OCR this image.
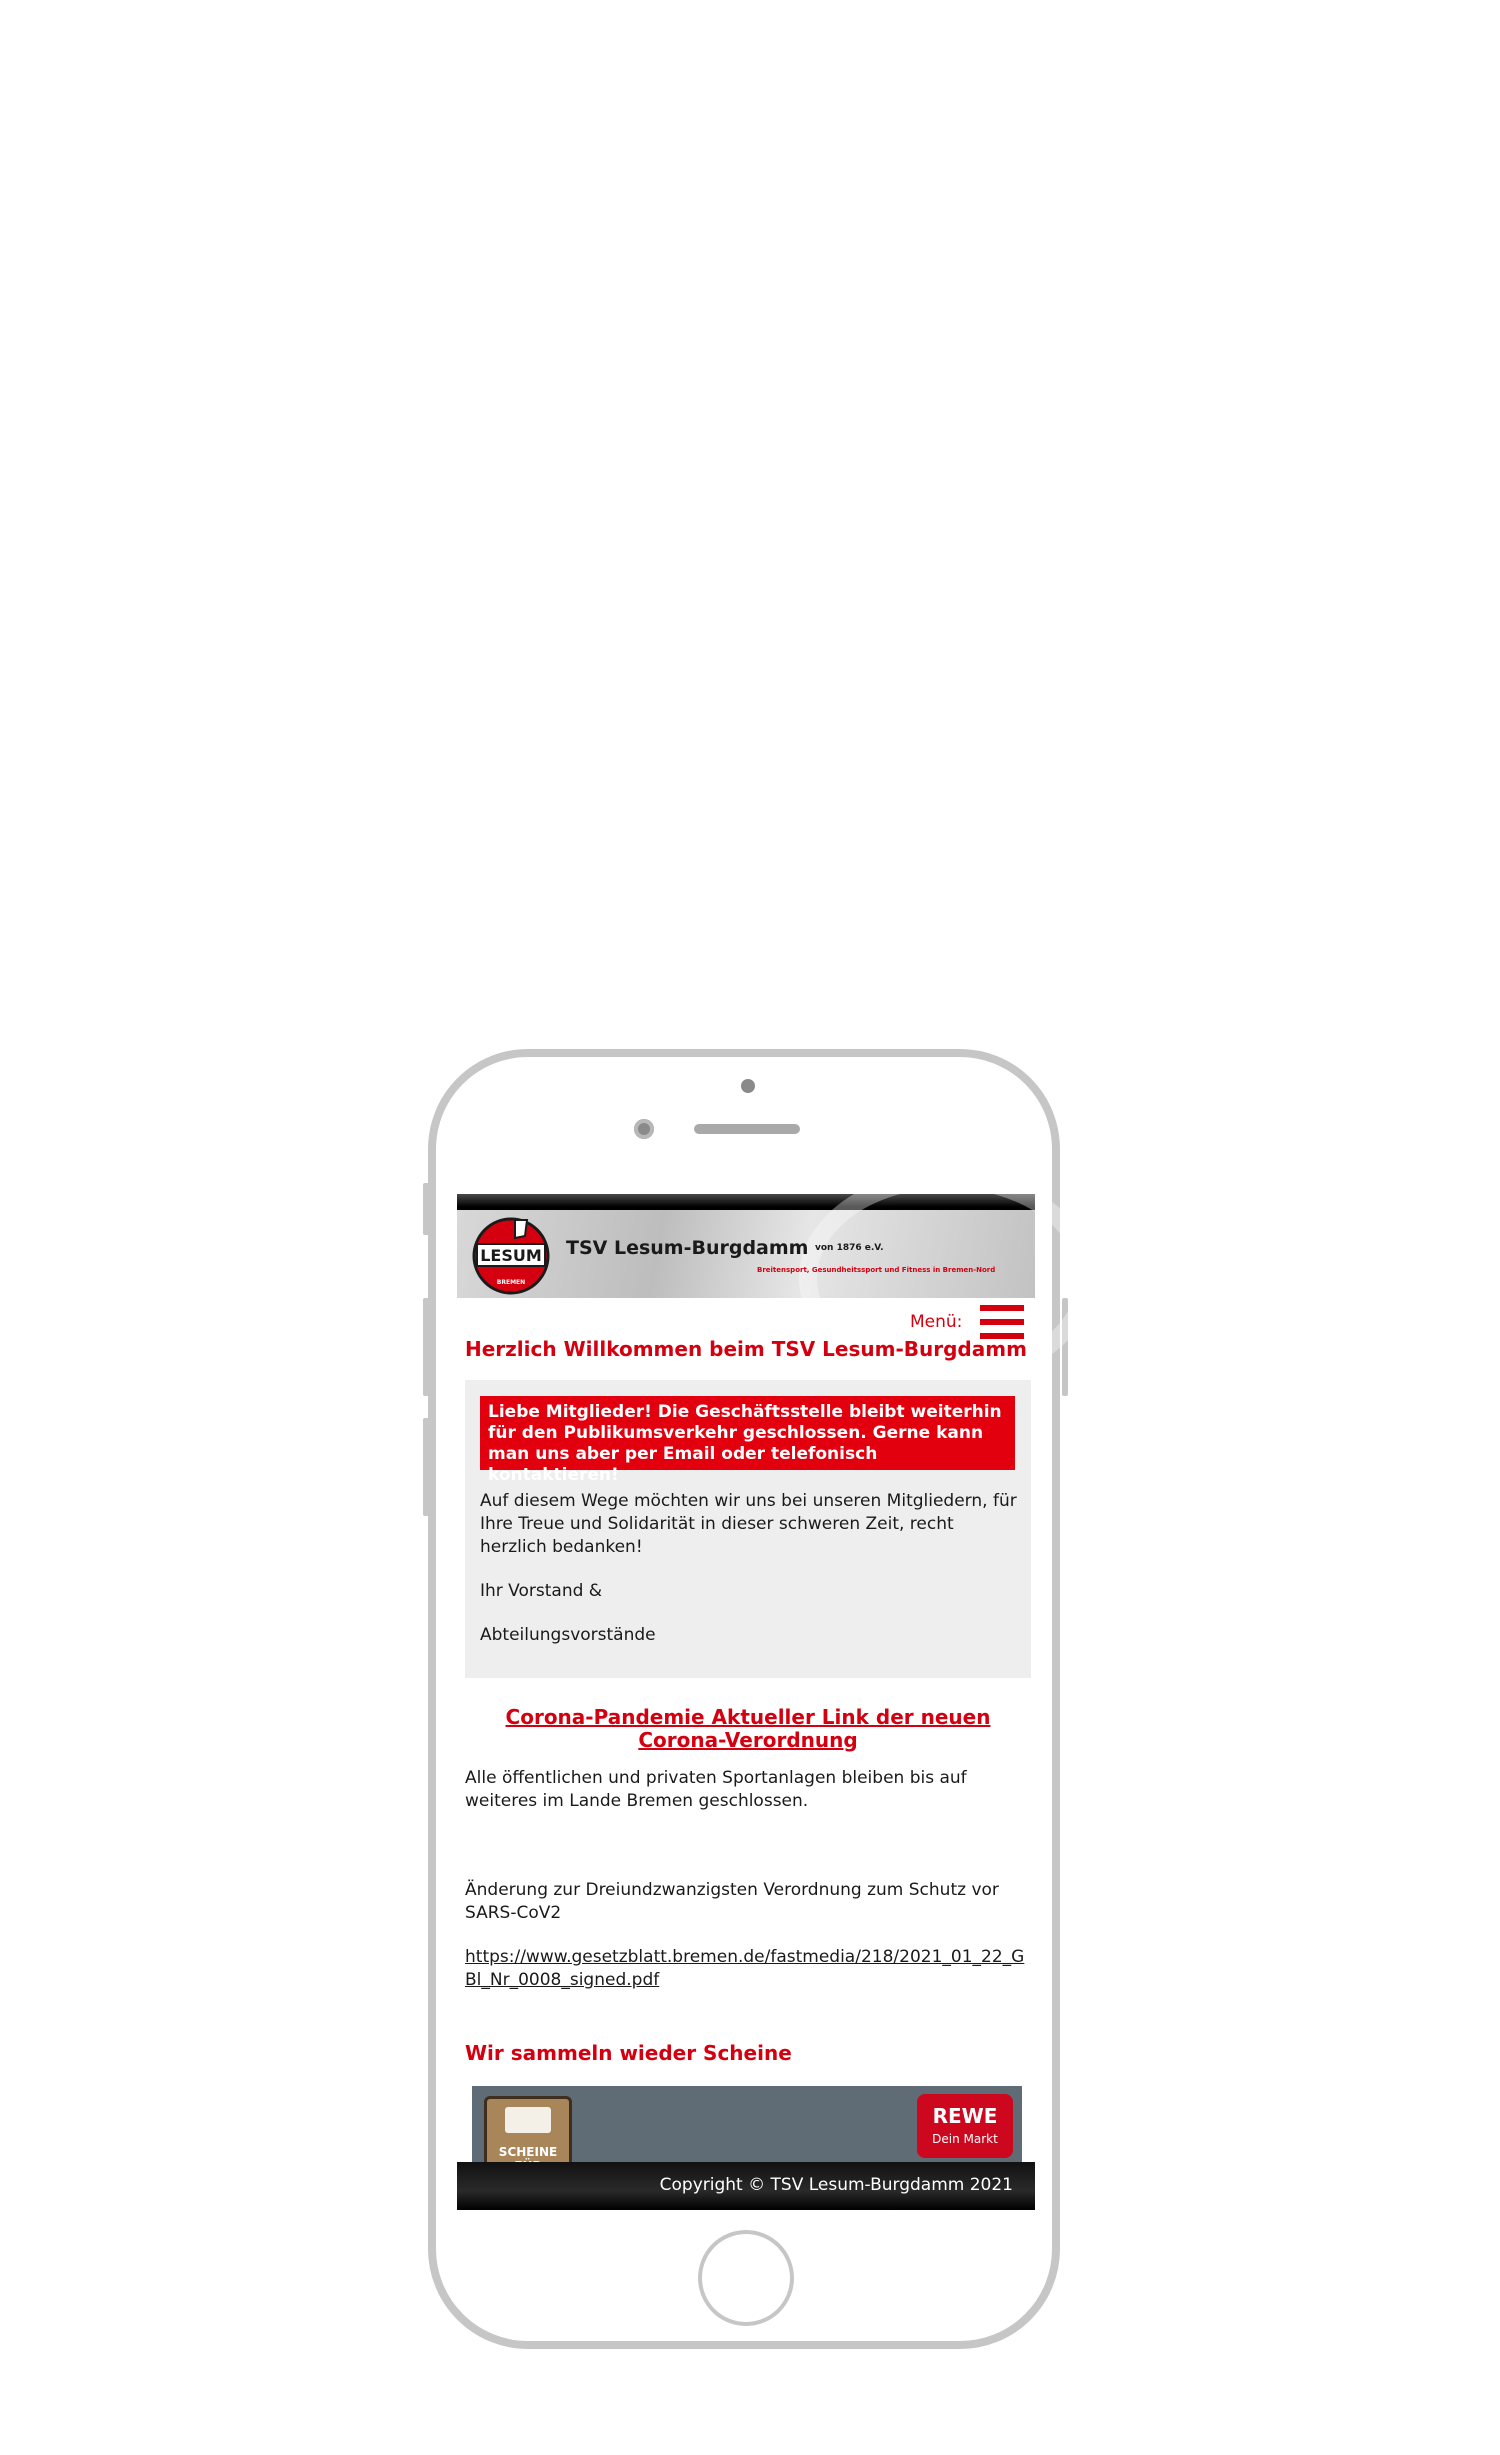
LESUM
BREMEN
TSV Lesum-Burgdamm von 1876 e.V.
Breitensport, Gesundheitssport und Fitness in Bremen-Nord
Menü:
Herzlich Willkommen beim TSV Lesum-Burgdamm
Liebe Mitglieder! Die Geschäftsstelle bleibt weiterhin für den Publikumsverkehr geschlossen. Gerne kann man uns aber per Email oder telefonisch kontaktieren!

Auf diesem Wege möchten wir uns bei unseren Mitgliedern, für Ihre Treue und Solidarität in dieser schweren Zeit, recht herzlich bedanken!

Ihr Vorstand &

Abteilungsvorstände

Corona-Pandemie Aktueller Link der neuen Corona-Verordnung
Alle öffentlichen und privaten Sportanlagen bleiben bis auf weiteres im Lande Bremen geschlossen.
Änderung zur Dreiundzwanzigsten Verordnung zum Schutz vor SARS-CoV2
https://www.gesetzblatt.bremen.de/fastmedia/218/2021_01_22_GBl_Nr_0008_signed.pdf
Wir sammeln wieder Scheine
SCHEINE
REWE
Dein Markt
Copyright © TSV Lesum-Burgdamm 2021
